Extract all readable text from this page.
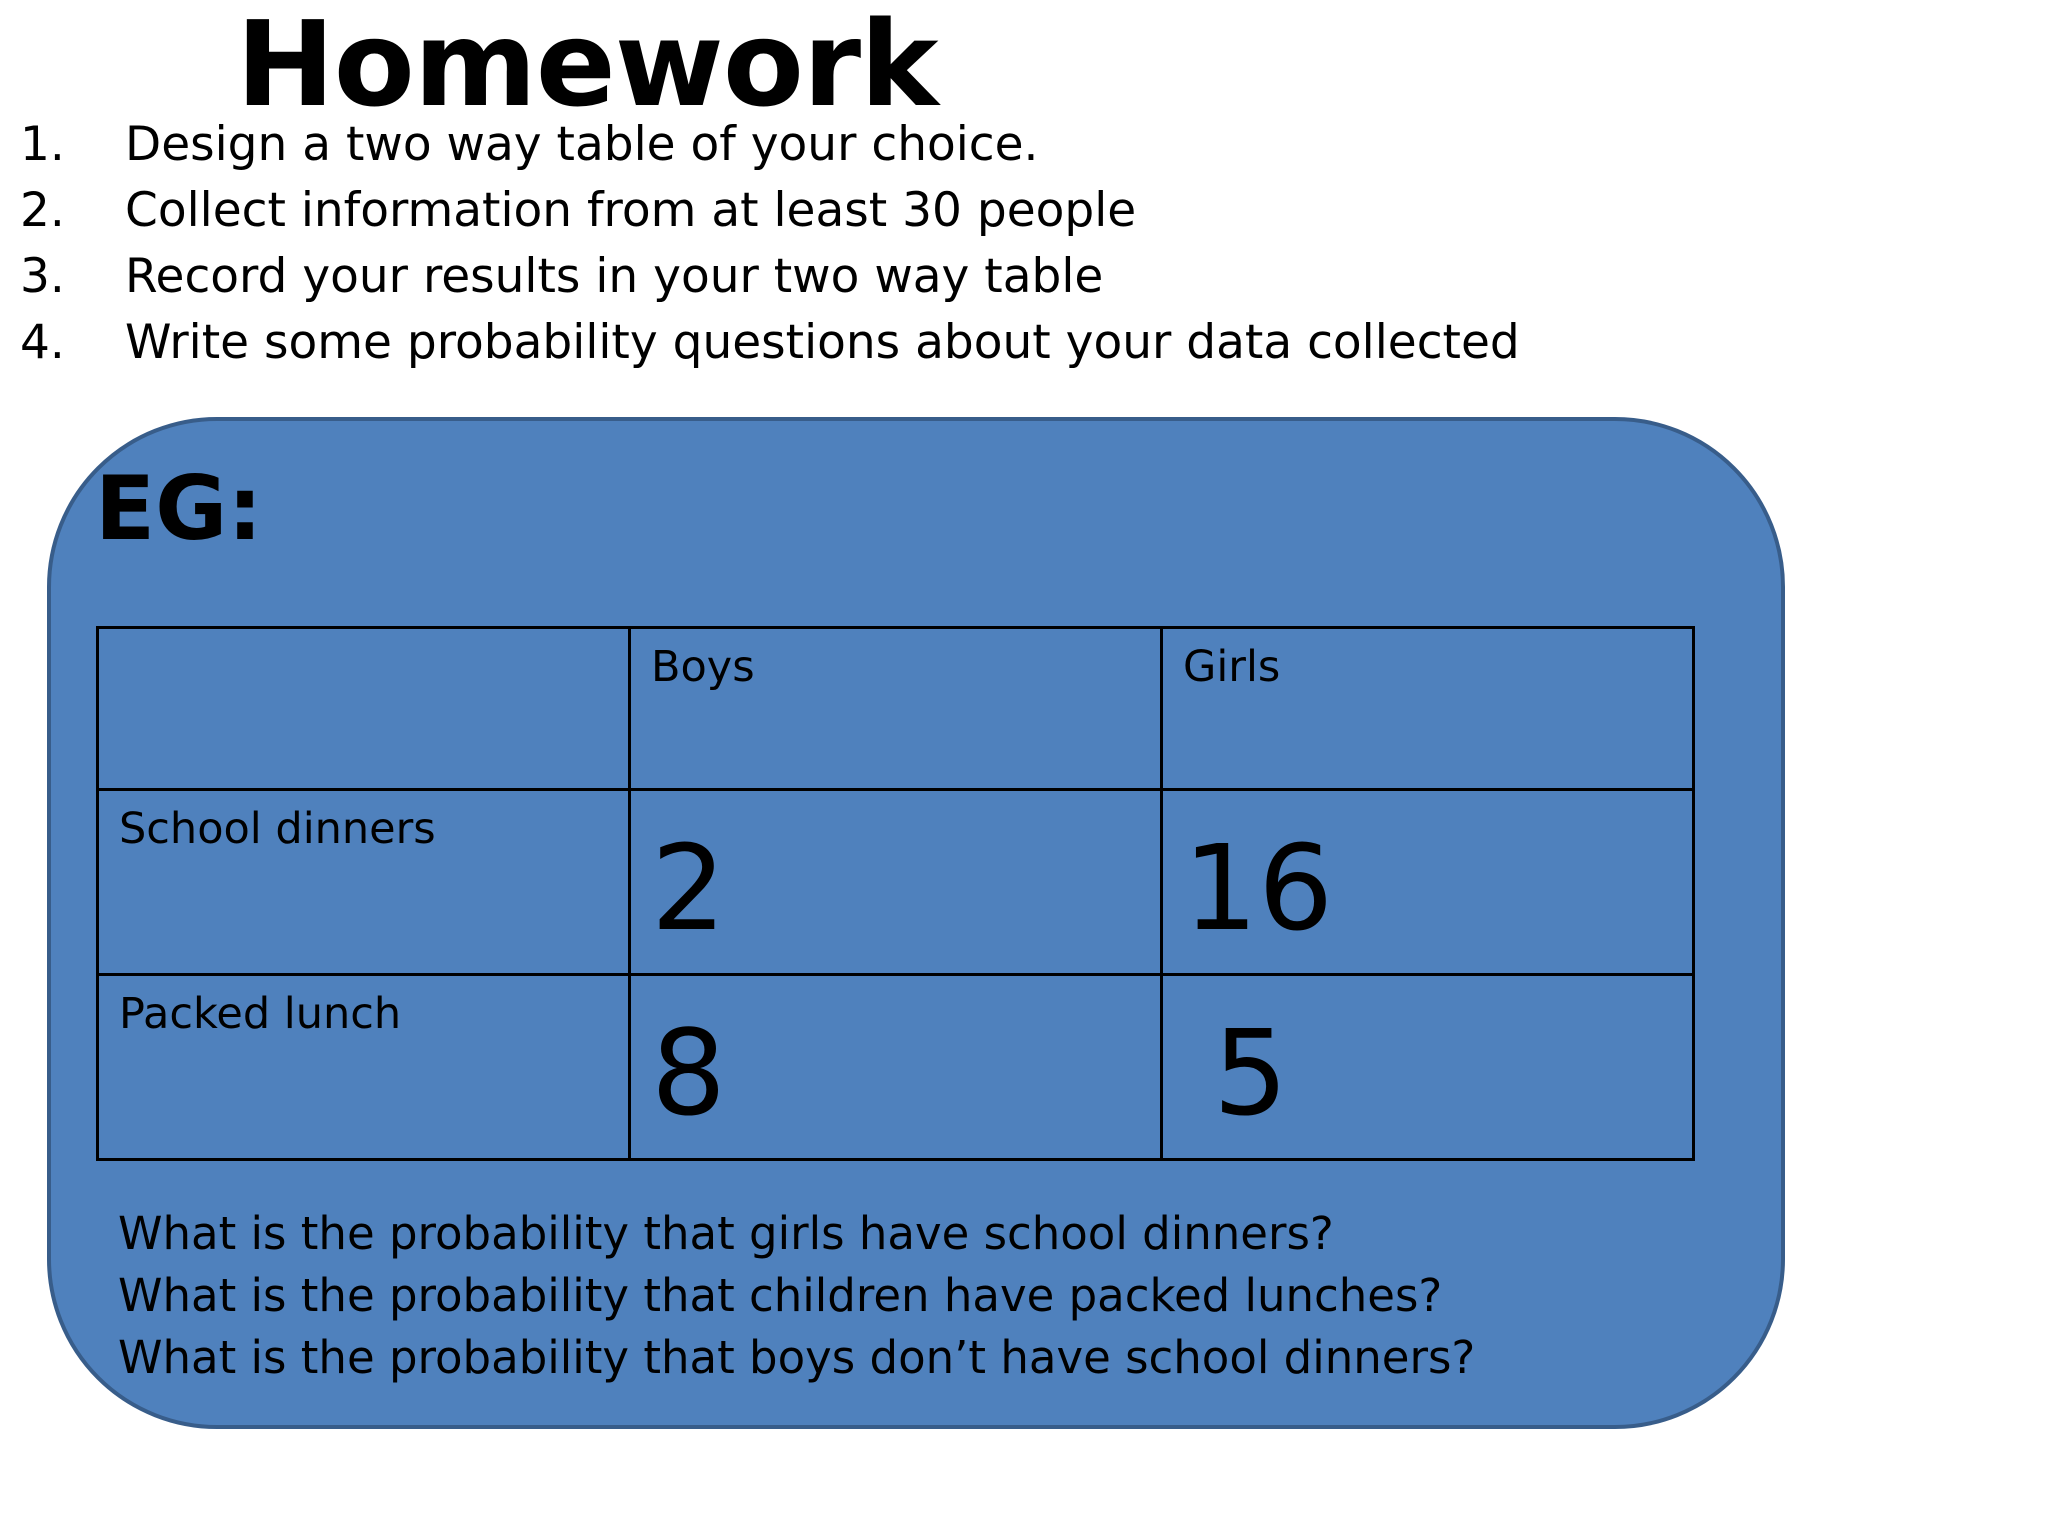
Homework
1.	Design a two way table of your choice.
2.	Collect information from at least 30 people
3.	Record your results in your two way table
4.	Write some probability questions about your data collected
EG:
	Boys	Girls
School dinners	2	16
Packed lunch	8	5
What is the probability that girls have school dinners?
What is the probability that children have packed lunches?
What is the probability that boys don’t have school dinners?
